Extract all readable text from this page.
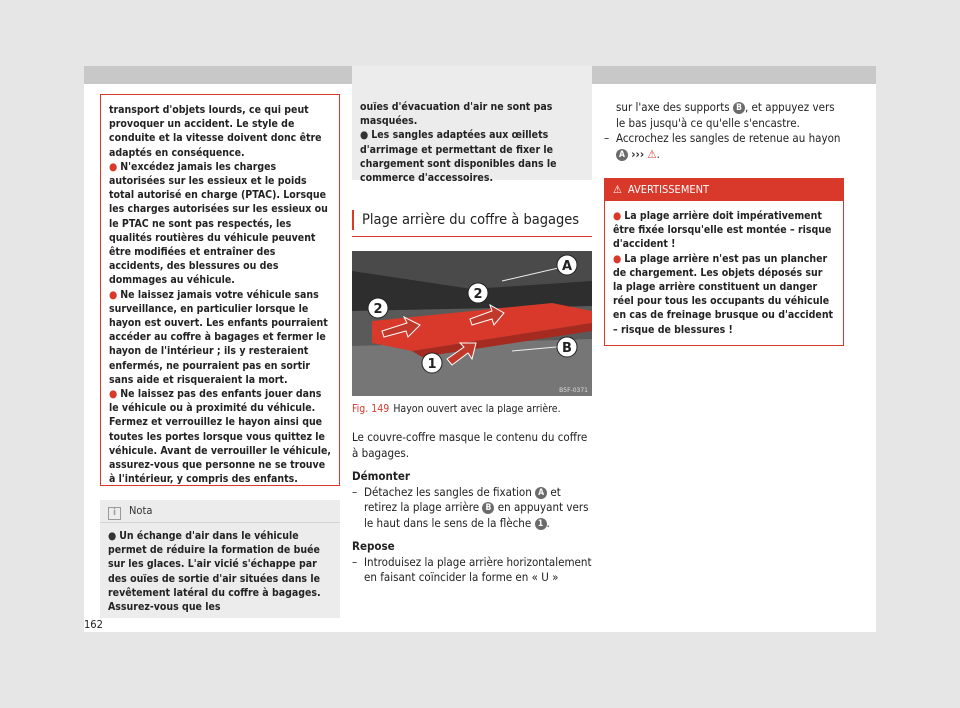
transport d'objets lourds, ce qui peut provoquer un accident. Le style de conduite et la vitesse doivent donc être adaptés en conséquence.

● N'excédez jamais les charges autorisées sur les essieux et le poids total autorisé en charge (PTAC). Lorsque les charges autorisées sur les essieux ou le PTAC ne sont pas respectés, les qualités routières du véhicule peuvent être modifiées et entraîner des accidents, des blessures ou des dommages au véhicule.

● Ne laissez jamais votre véhicule sans surveillance, en particulier lorsque le hayon est ouvert. Les enfants pourraient accéder au coffre à bagages et fermer le hayon de l'intérieur ; ils y resteraient enfermés, ne pourraient pas en sortir sans aide et risqueraient la mort.

● Ne laissez pas des enfants jouer dans le véhicule ou à proximité du véhicule. Fermez et verrouillez le hayon ainsi que toutes les portes lorsque vous quittez le véhicule. Avant de verrouiller le véhicule, assurez-vous que personne ne se trouve à l'intérieur, y compris des enfants.

i Nota
● Un échange d'air dans le véhicule permet de réduire la formation de buée sur les glaces. L'air vicié s'échappe par des ouïes de sortie d'air situées dans le revêtement latéral du coffre à bagages. Assurez-vous que les
ouïes d'évacuation d'air ne sont pas masquées.
● Les sangles adaptées aux œillets d'arrimage et permettant de fixer le chargement sont disponibles dans le commerce d'accessoires.
Plage arrière du coffre à bagages
A
B
2
2
1
B5F-0371
Fig. 149 Hayon ouvert avec la plage arrière.

Le couvre-coffre masque le contenu du coffre à bagages.

Démonter

– Détachez les sangles de fixation A et retirez la plage arrière B en appuyant vers le haut dans le sens de la flèche 1 .

Repose

– Introduisez la plage arrière horizontalement en faisant coïncider la forme en « U »

sur l'axe des supports B , et appuyez vers le bas jusqu'à ce qu'elle s'encastre.

– Accrochez les sangles de retenue au hayon A ››› ⚠.

⚠ AVERTISSEMENT

● La plage arrière doit impérativement être fixée lorsqu'elle est montée – risque d'accident !

● La plage arrière n'est pas un plancher de chargement. Les objets déposés sur la plage arrière constituent un danger réel pour tous les occupants du véhicule en cas de freinage brusque ou d'accident – risque de blessures !

162
